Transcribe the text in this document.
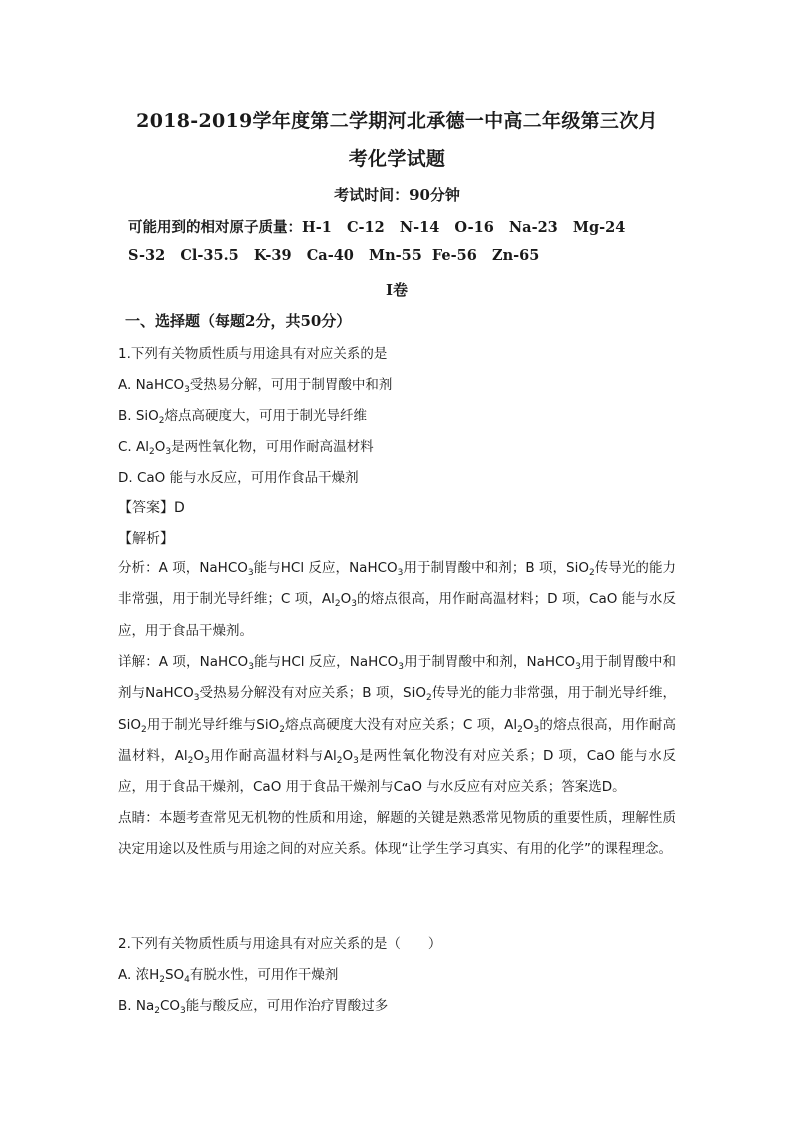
2018-2019学年度第二学期河北承德一中高二年级第三次月
考化学试题
考试时间：90分钟
可能用到的相对原子质量：H-1   C-12   N-14   O-16   Na-23   Mg-24
S-32   Cl-35.5   K-39   Ca-40   Mn-55  Fe-56   Zn-65
Ⅰ卷
一、选择题（每题2分，共50分）
1.下列有关物质性质与用途具有对应关系的是
A. NaHCO$_3$受热易分解，可用于制胃酸中和剂
B. SiO$_2$熔点高硬度大，可用于制光导纤维
C. $Al_2O_3$是两性氧化物，可用作耐高温材料
D. CaO 能与水反应，可用作食品干燥剂
【答案】D
【解析】
分析：A 项，NaHCO$_3$能与HCl 反应，NaHCO$_3$用于制胃酸中和剂；B 项，SiO$_2$传导光的能力非常强，用于制光导纤维；C 项，$Al_2O_3$的熔点很高，用作耐高温材料；D 项，CaO 能与水反应，用于食品干燥剂。
详解：A 项，NaHCO$_3$能与HCl 反应，NaHCO$_3$用于制胃酸中和剂，NaHCO$_3$用于制胃酸中和剂与NaHCO$_3$受热易分解没有对应关系；B 项，SiO$_2$传导光的能力非常强，用于制光导纤维，SiO$_2$用于制光导纤维与SiO$_2$熔点高硬度大没有对应关系；C 项，$Al_2O_3$的熔点很高，用作耐高温材料，$Al_2O_3$用作耐高温材料与$Al_2O_3$是两性氧化物没有对应关系；D 项，CaO 能与水反应，用于食品干燥剂，CaO 用于食品干燥剂与CaO 与水反应有对应关系；答案选D。
点睛：本题考查常见无机物的性质和用途，解题的关键是熟悉常见物质的重要性质，理解性质决定用途以及性质与用途之间的对应关系。体现“让学生学习真实、有用的化学”的课程理念。
2.下列有关物质性质与用途具有对应关系的是（　　）
A. 浓$H_2SO_4$有脱水性，可用作干燥剂
B. $Na_2CO_3$能与酸反应，可用作治疗胃酸过多
